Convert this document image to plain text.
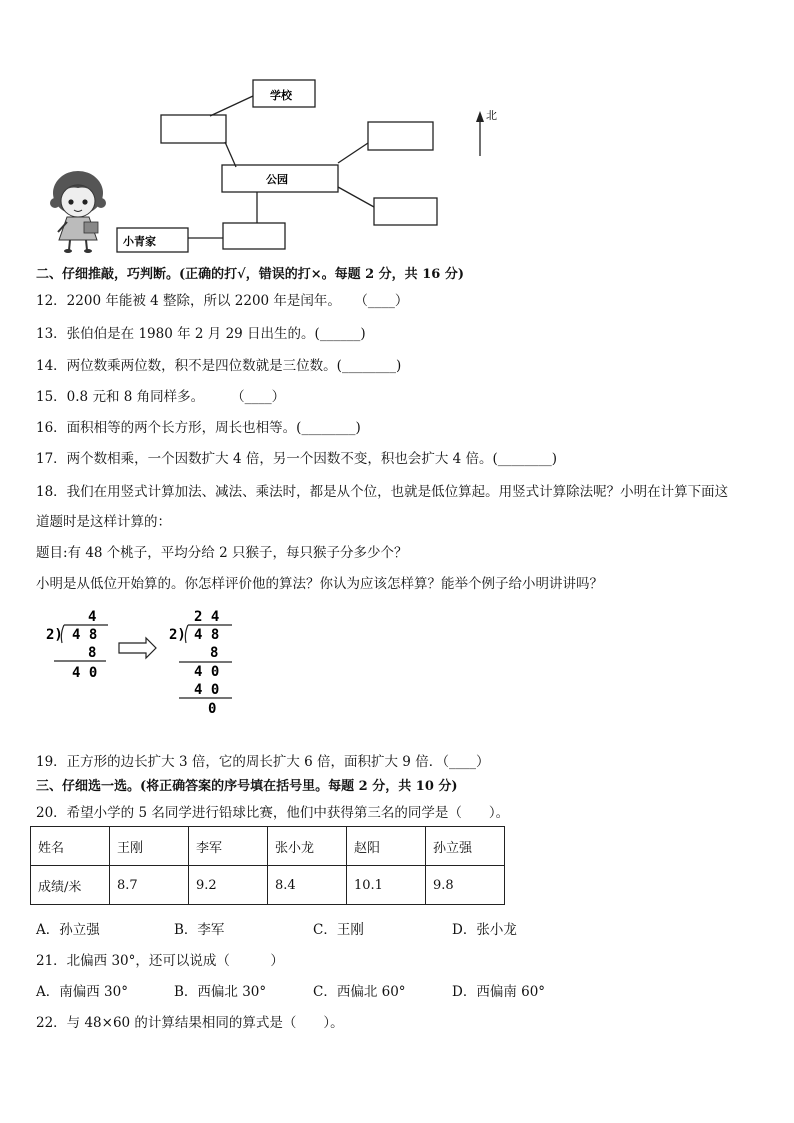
学校
公园
小青家
北
二、仔细推敲，巧判断。(正确的打√，错误的打×。每题 2 分，共 16 分)
12．2200 年能被 4 整除，所以 2200 年是闰年。　　（____）
13．张伯伯是在 1980 年 2 月 29 日出生的。(______)
14．两位数乘两位数，积不是四位数就是三位数。(________)
15．0.8 元和 8 角同样多。　　　（____）
16．面积相等的两个长方形，周长也相等。(________)
17．两个数相乘，一个因数扩大 4 倍，另一个因数不变，积也会扩大 4 倍。(________)
18．我们在用竖式计算加法、减法、乘法时，都是从个位，也就是低位算起。用竖式计算除法呢？小明在计算下面这
道题时是这样计算的：
题目:有 48 个桃子，平均分给 2 只猴子，每只猴子分多少个？
小明是从低位开始算的。你怎样评价他的算法？你认为应该怎样算？能举个例子给小明讲讲吗？
4
2) 4 8
8
4 0
2 4
2) 4 8
8
4 0
4 0
0
19．正方形的边长扩大 3 倍，它的周长扩大 6 倍，面积扩大 9 倍．（____）
三、仔细选一选。(将正确答案的序号填在括号里。每题 2 分，共 10 分)
20．希望小学的 5 名同学进行铅球比赛，他们中获得第三名的同学是（　　）。
姓名	王刚	李军	张小龙	赵阳	孙立强
成绩/米	8.7	9.2	8.4	10.1	9.8
A．孙立强	B．李军	C．王刚	D．张小龙
21．北偏西 30°，还可以说成（　　　）
A．南偏西 30°	B．西偏北 30°	C．西偏北 60°	D．西偏南 60°
22．与 48×60 的计算结果相同的算式是（　　）。
